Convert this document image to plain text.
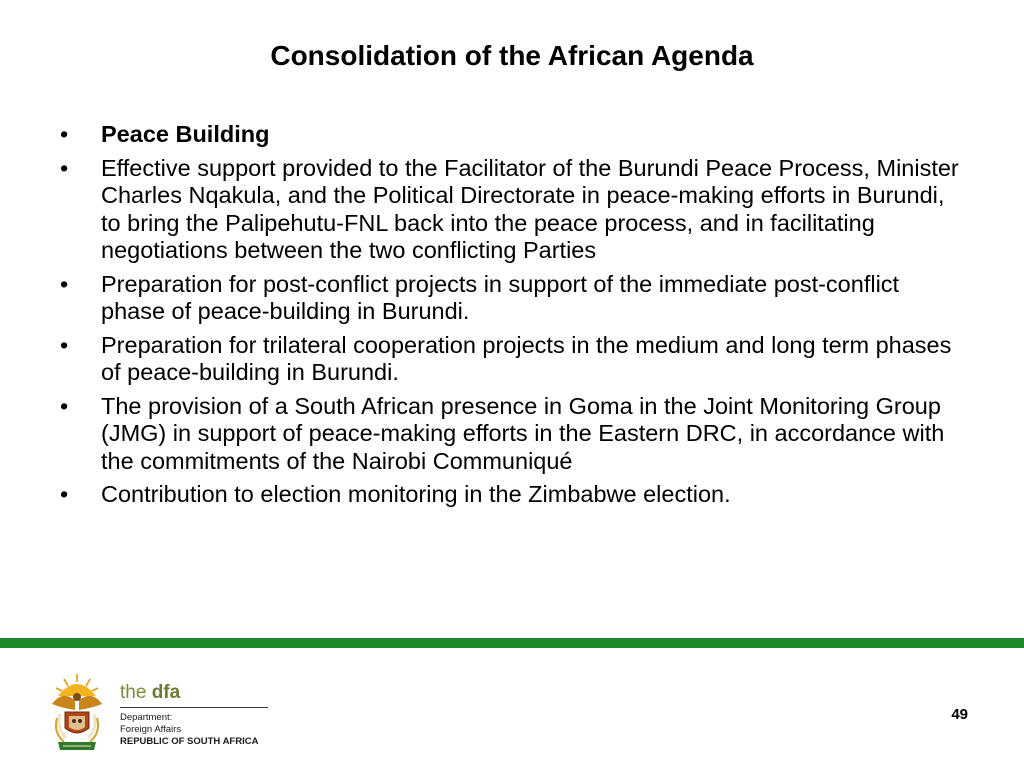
Consolidation of the African Agenda
•	Peace Building
•	Effective support provided to the Facilitator of the Burundi Peace Process, Minister Charles Nqakula, and the Political Directorate in peace-making efforts in Burundi, to bring the Palipehutu-FNL back into the peace process, and in facilitating negotiations between the two conflicting Parties
•	Preparation for post-conflict projects in support of the immediate post-conflict phase of peace-building in Burundi.
•	Preparation for trilateral cooperation projects in the medium and long term phases of peace-building in Burundi.
•	The provision of a South African presence in Goma in the Joint Monitoring Group (JMG) in support of peace-making efforts in the Eastern DRC, in accordance with the commitments of the Nairobi Communiqué
•	Contribution to election monitoring in the Zimbabwe election.
the dfa
Department:
Foreign Affairs
REPUBLIC OF SOUTH AFRICA
49
